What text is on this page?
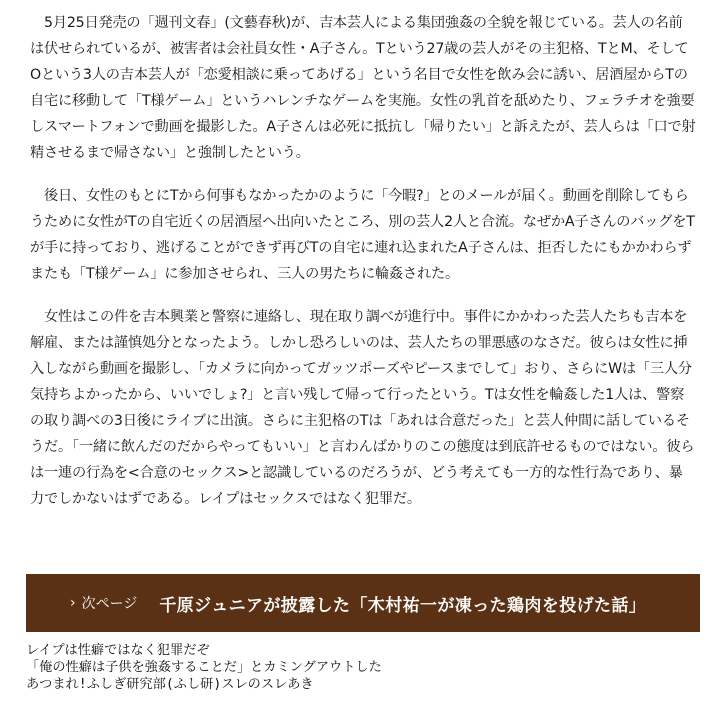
5月25日発売の「週刊文春」(文藝春秋)が、吉本芸人による集団強姦の全貌を報じている。芸人の名前は伏せられているが、被害者は会社員女性・A子さん。Tという27歳の芸人がその主犯格、TとM、そしてOという3人の吉本芸人が「恋愛相談に乗ってあげる」という名目で女性を飲み会に誘い、居酒屋からTの自宅に移動して「T様ゲーム」というハレンチなゲームを実施。女性の乳首を舐めたり、フェラチオを強要しスマートフォンで動画を撮影した。A子さんは必死に抵抗し「帰りたい」と訴えたが、芸人らは「口で射精させるまで帰さない」と強制したという。

後日、女性のもとにTから何事もなかったかのように「今暇?」とのメールが届く。動画を削除してもらうために女性がTの自宅近くの居酒屋へ出向いたところ、別の芸人2人と合流。なぜかA子さんのバッグをTが手に持っており、逃げることができず再びTの自宅に連れ込まれたA子さんは、拒否したにもかかわらずまたも「T様ゲーム」に参加させられ、三人の男たちに輪姦された。

女性はこの件を吉本興業と警察に連絡し、現在取り調べが進行中。事件にかかわった芸人たちも吉本を解雇、または謹慎処分となったよう。しかし恐ろしいのは、芸人たちの罪悪感のなさだ。彼らは女性に挿入しながら動画を撮影し、「カメラに向かってガッツポーズやピースまでして」おり、さらにWは「三人分気持ちよかったから、いいでしょ?」と言い残して帰って行ったという。Tは女性を輪姦した1人は、警察の取り調べの3日後にライブに出演。さらに主犯格のTは「あれは合意だった」と芸人仲間に話しているそうだ。「一緒に飲んだのだからやってもいい」と言わんばかりのこの態度は到底許せるものではない。彼らは一連の行為を<合意のセックス>と認識しているのだろうが、どう考えても一方的な性行為であり、暴力でしかないはずである。レイプはセックスではなく犯罪だ。

› 次ページ 千原ジュニアが披露した「木村祐一が凍った鶏肉を投げた話」
レイプは性癖ではなく犯罪だぞ
「俺の性癖は子供を強姦することだ」とカミングアウトした
あつまれ!ふしぎ研究部(ふし研)スレのスレあき
